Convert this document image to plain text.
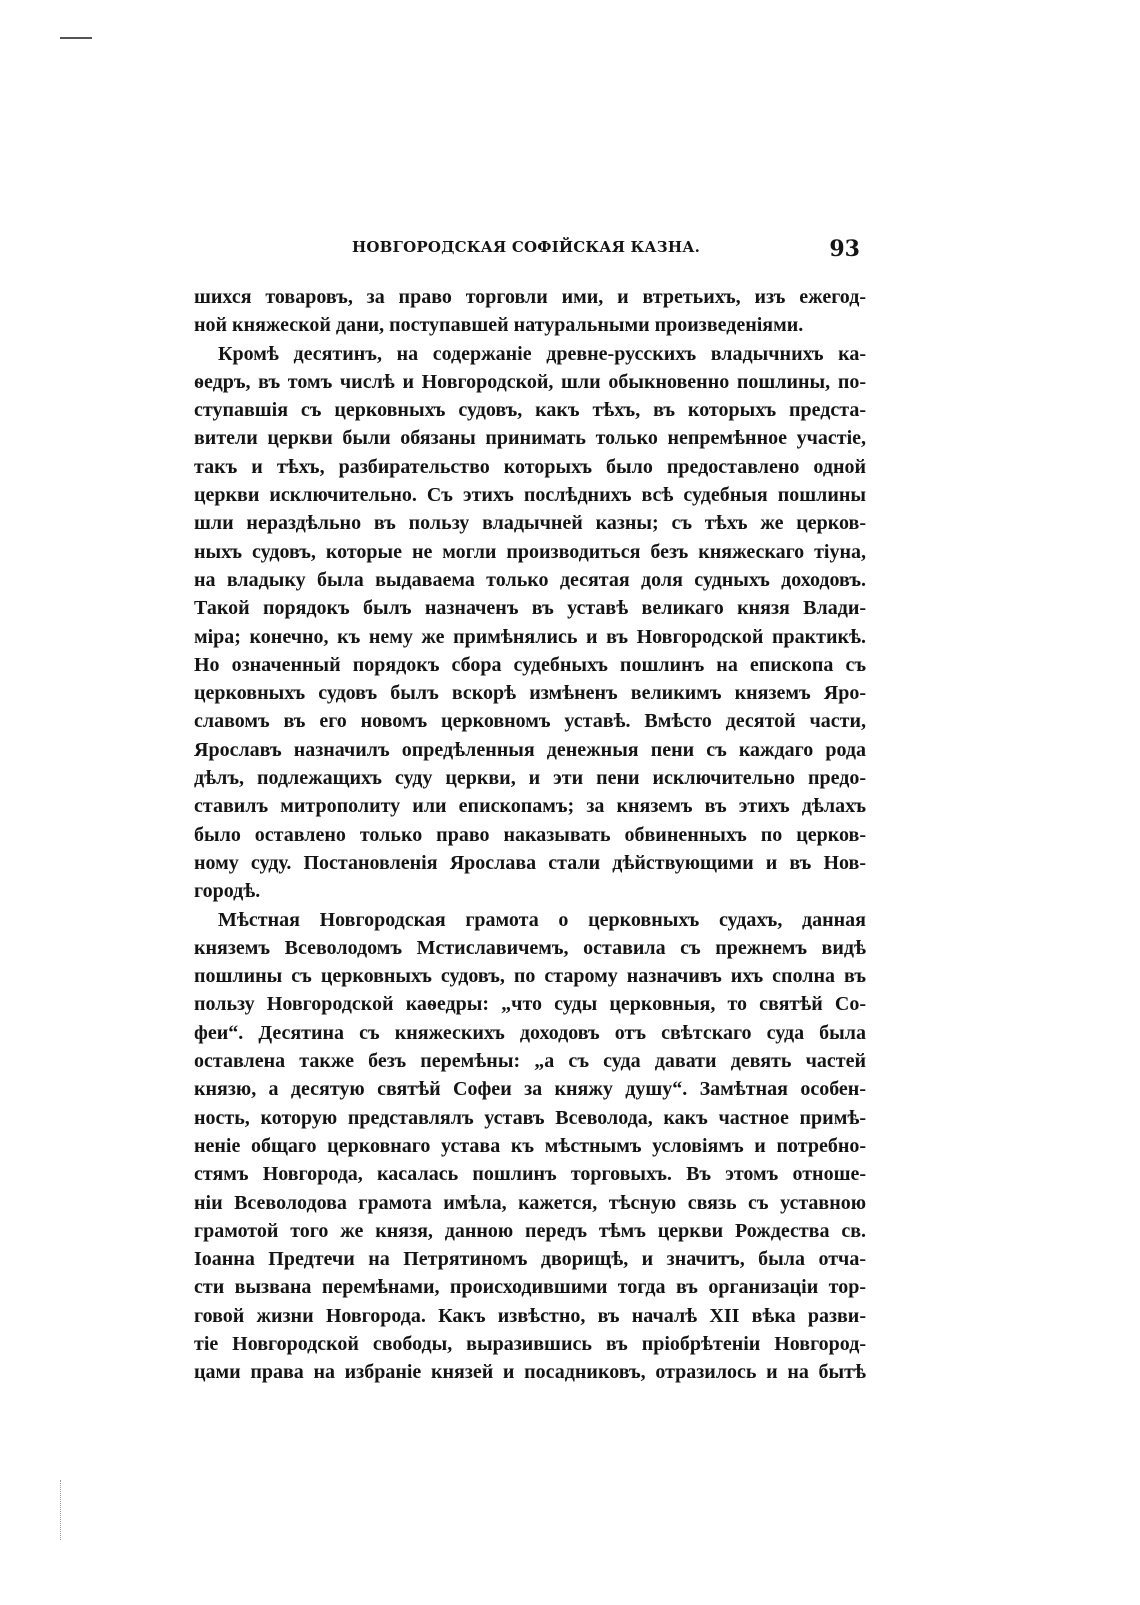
НОВГОРОДСКАЯ СОФІЙСКАЯ КАЗНА.	93
шихся товаровъ, за право торговли ими, и втретьихъ, изъ ежегод-
ной княжеской дани, поступавшей натуральными произведеніями.
Кромѣ десятинъ, на содержаніе древне-русскихъ владычнихъ ка-
ѳедръ, въ томъ числѣ и Новгородской, шли обыкновенно пошлины, по-
ступавшія съ церковныхъ судовъ, какъ тѣхъ, въ которыхъ предста-
вители церкви были обязаны принимать только непремѣнное участіе,
такъ и тѣхъ, разбирательство которыхъ было предоставлено одной
церкви исключительно. Съ этихъ послѣднихъ всѣ судебныя пошлины
шли нераздѣльно въ пользу владычней казны; съ тѣхъ же церков-
ныхъ судовъ, которые не могли производиться безъ княжескаго тіуна,
на владыку была выдаваема только десятая доля судныхъ доходовъ.
Такой порядокъ былъ назначенъ въ уставѣ великаго князя Влади-
міра; конечно, къ нему же примѣнялись и въ Новгородской практикѣ.
Но означенный порядокъ сбора судебныхъ пошлинъ на епископа съ
церковныхъ судовъ былъ вскорѣ измѣненъ великимъ княземъ Яро-
славомъ въ его новомъ церковномъ уставѣ. Вмѣсто десятой части,
Ярославъ назначилъ опредѣленныя денежныя пени съ каждаго рода
дѣлъ, подлежащихъ суду церкви, и эти пени исключительно предо-
ставилъ митрополиту или епископамъ; за княземъ въ этихъ дѣлахъ
было оставлено только право наказывать обвиненныхъ по церков-
ному суду. Постановленія Ярослава стали дѣйствующими и въ Нов-
городѣ.
Мѣстная Новгородская грамота о церковныхъ судахъ, данная
княземъ Всеволодомъ Мстиславичемъ, оставила съ прежнемъ видѣ
пошлины съ церковныхъ судовъ, по старому назначивъ ихъ сполна въ
пользу Новгородской каѳедры: „что суды церковныя, то святѣй Со-
феи“. Десятина съ княжескихъ доходовъ отъ свѣтскаго суда была
оставлена также безъ перемѣны: „а съ суда давати девять частей
князю, а десятую святѣй Софеи за княжу душу“. Замѣтная особен-
ность, которую представлялъ уставъ Всеволода, какъ частное примѣ-
неніе общаго церковнаго устава къ мѣстнымъ условіямъ и потребно-
стямъ Новгорода, касалась пошлинъ торговыхъ. Въ этомъ отноше-
ніи Всеволодова грамота имѣла, кажется, тѣсную связь съ уставною
грамотой того же князя, данною передъ тѣмъ церкви Рождества св.
Іоанна Предтечи на Петрятиномъ дворищѣ, и значитъ, была отча-
сти вызвана перемѣнами, происходившими тогда въ организаціи тор-
говой жизни Новгорода. Какъ извѣстно, въ началѣ XII вѣка разви-
тіе Новгородской свободы, выразившись въ пріобрѣтеніи Новгород-
цами права на избраніе князей и посадниковъ, отразилось и на бытѣ
